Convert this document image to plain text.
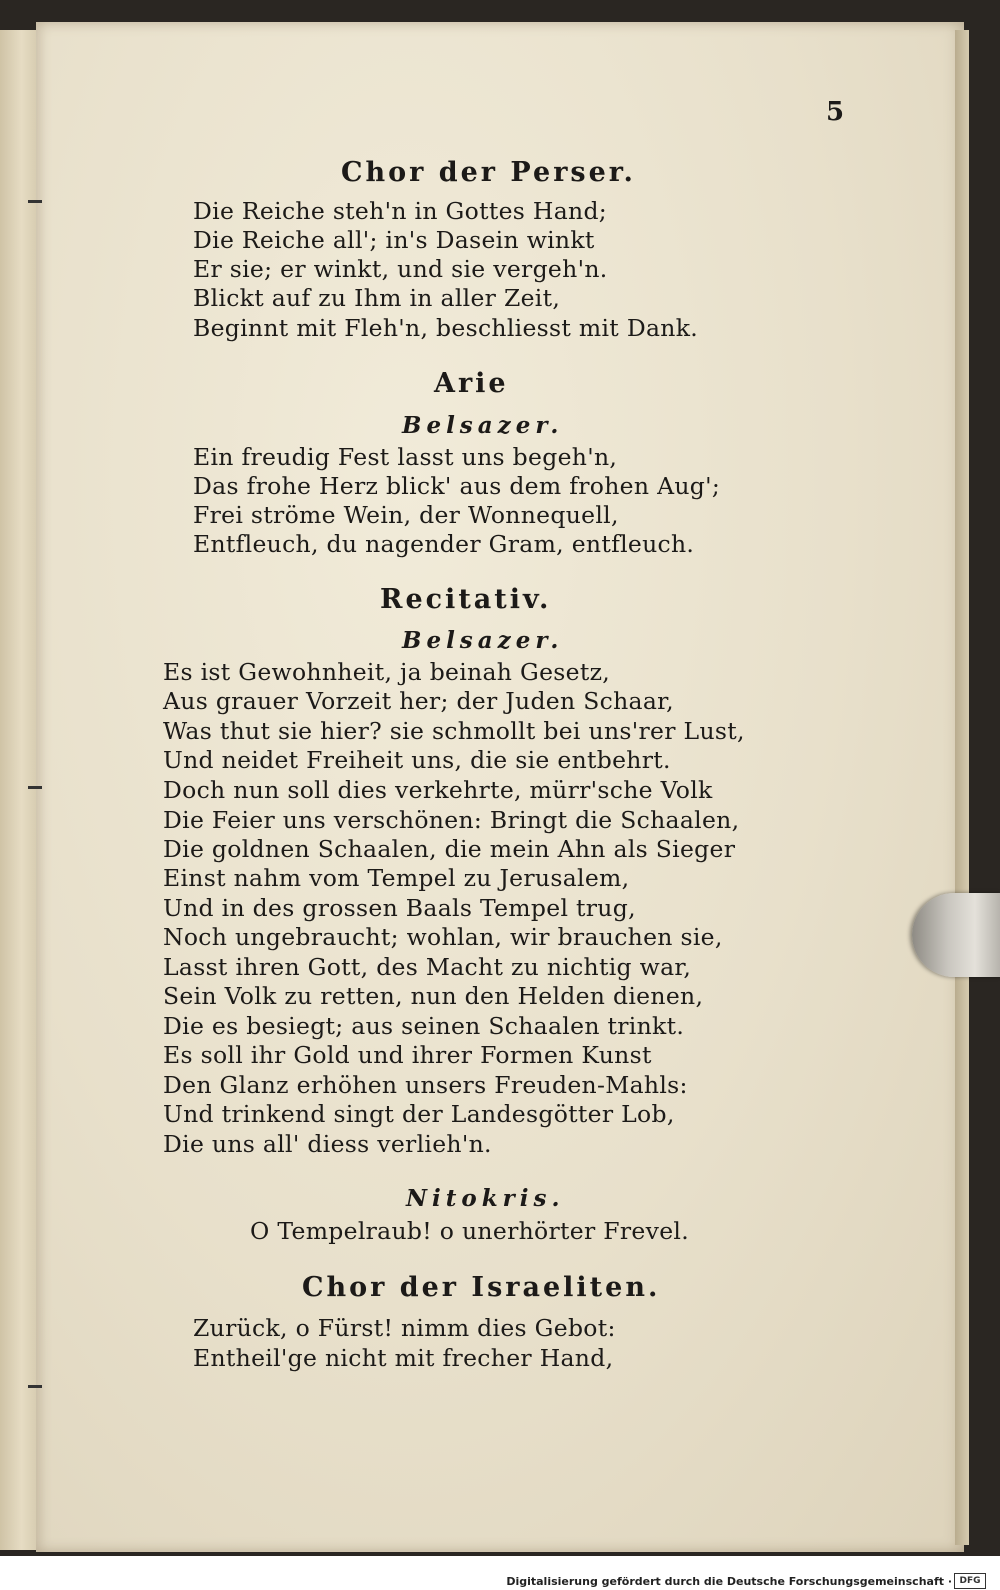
5
Chor der Perser.
Die Reiche steh'n in Gottes Hand;
Die Reiche all'; in's Dasein winkt
Er sie; er winkt, und sie vergeh'n.
Blickt auf zu Ihm in aller Zeit,
Beginnt mit Fleh'n, beschliesst mit Dank.
Arie
Belsazer.
Ein freudig Fest lasst uns begeh'n,
Das frohe Herz blick' aus dem frohen Aug';
Frei ströme Wein, der Wonnequell,
Entfleuch, du nagender Gram, entfleuch.
Recitativ.
Belsazer.
Es ist Gewohnheit, ja beinah Gesetz,
Aus grauer Vorzeit her; der Juden Schaar,
Was thut sie hier? sie schmollt bei uns'rer Lust,
Und neidet Freiheit uns, die sie entbehrt.
Doch nun soll dies verkehrte, mürr'sche Volk
Die Feier uns verschönen: Bringt die Schaalen,
Die goldnen Schaalen, die mein Ahn als Sieger
Einst nahm vom Tempel zu Jerusalem,
Und in des grossen Baals Tempel trug,
Noch ungebraucht; wohlan, wir brauchen sie,
Lasst ihren Gott, des Macht zu nichtig war,
Sein Volk zu retten, nun den Helden dienen,
Die es besiegt; aus seinen Schaalen trinkt.
Es soll ihr Gold und ihrer Formen Kunst
Den Glanz erhöhen unsers Freuden-Mahls:
Und trinkend singt der Landesgötter Lob,
Die uns all' diess verlieh'n.
Nitokris.
O Tempelraub! o unerhörter Frevel.
Chor der Israeliten.
Zurück, o Fürst! nimm dies Gebot:
Entheil'ge nicht mit frecher Hand,
Digitalisierung gefördert durch die Deutsche Forschungsgemeinschaft · DFG
